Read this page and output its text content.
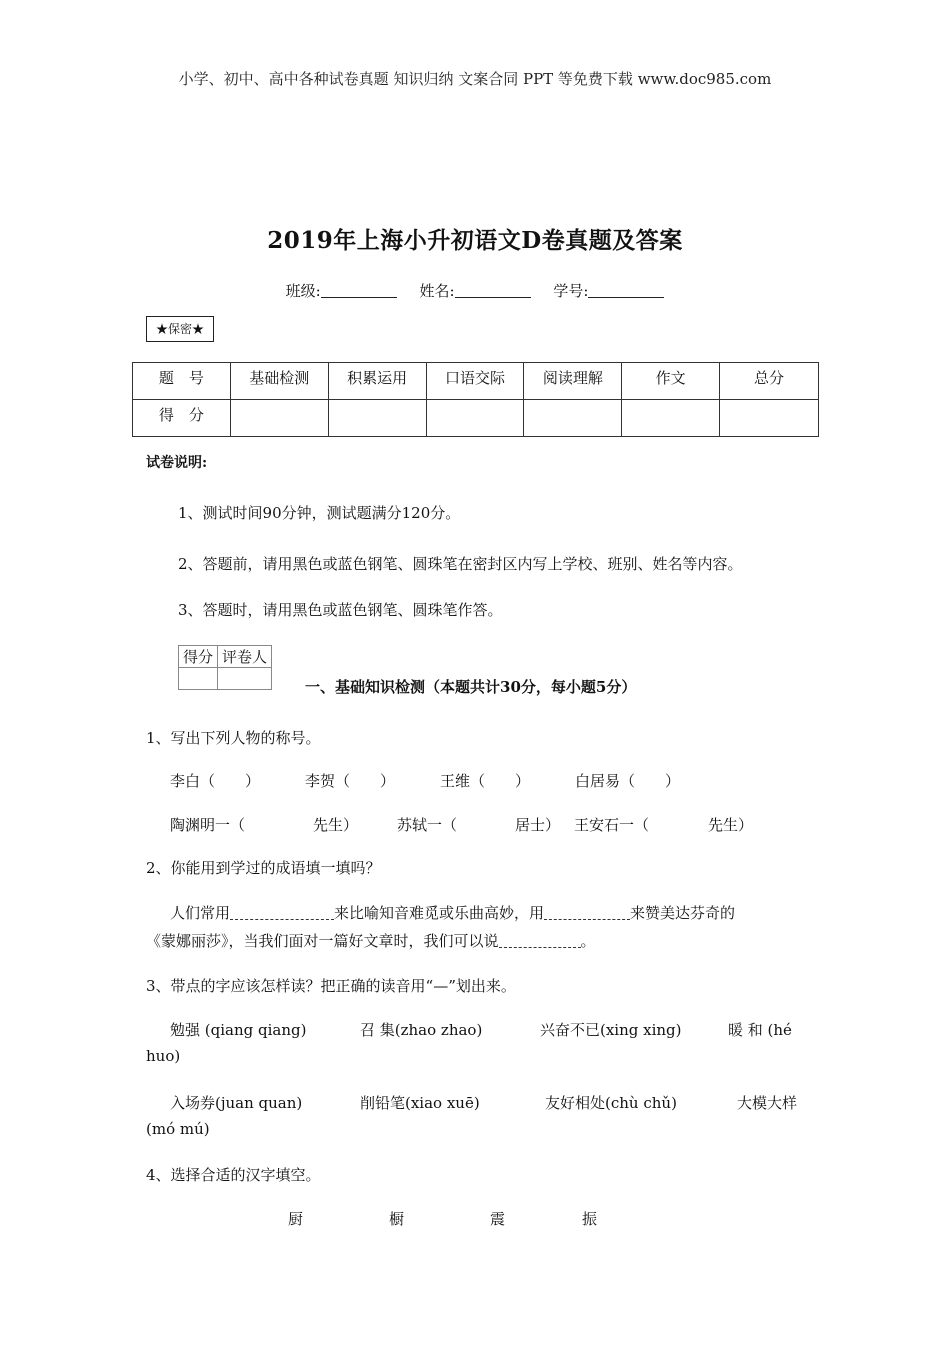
小学、初中、高中各种试卷真题 知识归纳 文案合同 PPT 等免费下载 www.doc985.com
2019年上海小升初语文D卷真题及答案
班级:	姓名:	学号:
★保密★
题　号	基础检测	积累运用	口语交际	阅读理解	作文	总分
得　分						
试卷说明:
1、测试时间90分钟，测试题满分120分。
2、答题前，请用黑色或蓝色钢笔、圆珠笔在密封区内写上学校、班别、姓名等内容。
3、答题时，请用黑色或蓝色钢笔、圆珠笔作答。
得分	评卷人

一、基础知识检测（本题共计30分，每小题5分）
1、写出下列人物的称号。
李白（　　）	李贺（　　）	王维（　　）	白居易（　　）
陶渊明一（	先生）	苏轼一（	居士） 王安石一（	先生）
2、你能用到学过的成语填一填吗？
人们常用	来比喻知音难觅或乐曲高妙，用	来赞美达芬奇的
《蒙娜丽莎》，当我们面对一篇好文章时，我们可以说	。
3、带点的字应该怎样读？把正确的读音用“—”划出来。
勉强 (qiang qiang)	召 集(zhao zhao)	兴奋不已(xing xing)	暖 和 (hé
huo)
入场券(juan quan)	削铅笔(xiao xuē)	友好相处(chù chǔ)	大模大样
(mó mú)
4、选择合适的汉字填空。
厨	橱	震	振
